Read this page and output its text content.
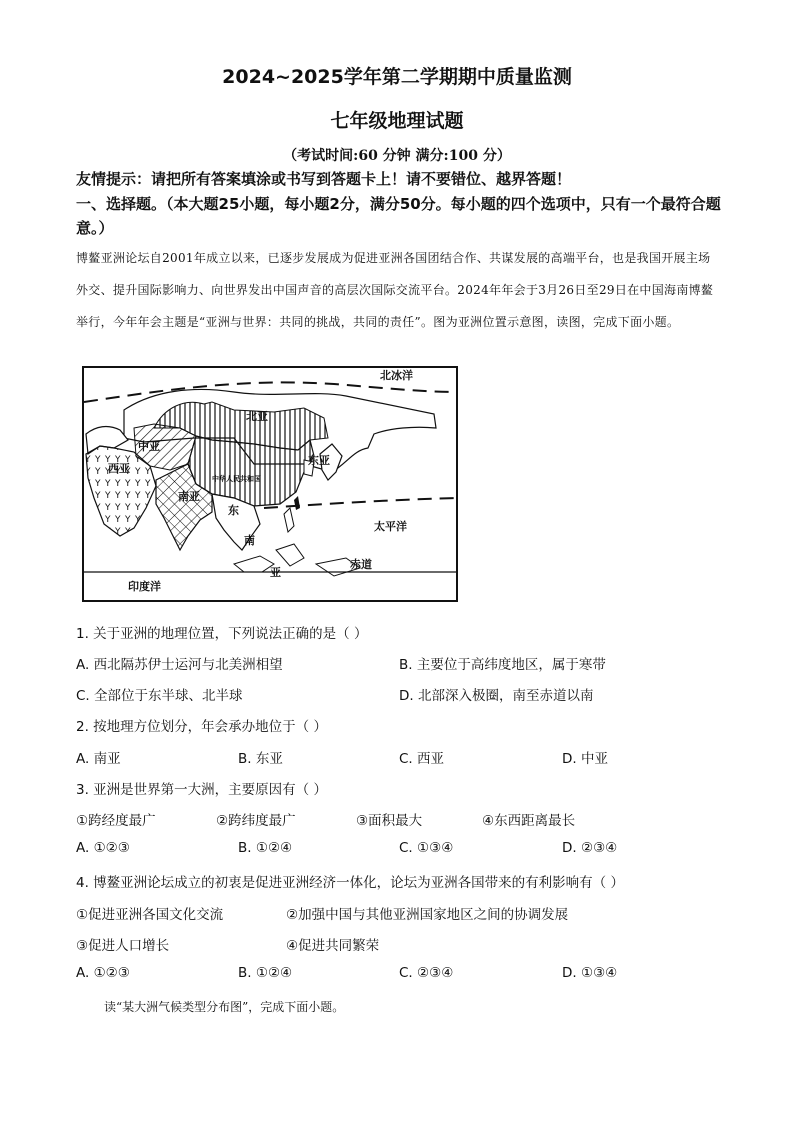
2024~2025学年第二学期期中质量监测
七年级地理试题
（考试时间:60 分钟 满分:100 分）
友情提示：请把所有答案填涂或书写到答题卡上！请不要错位、越界答题！
一、选择题。（本大题25小题，每小题2分，满分50分。每小题的四个选项中，只有一个最符合题意。）
博鳌亚洲论坛自2001年成立以来，已逐步发展成为促进亚洲各国团结合作、共谋发展的高端平台，也是我国开展主场外交、提升国际影响力、向世界发出中国声音的高层次国际交流平台。2024年年会于3月26日至29日在中国海南博鳌举行，今年年会主题是“亚洲与世界：共同的挑战，共同的责任”。图为亚洲位置示意图，读图，完成下面小题。
北冰洋
北亚
中亚
西亚
东亚
中华人民共和国
南亚
东
南
亚
太平洋
赤道
印度洋
1. 关于亚洲的地理位置，下列说法正确的是（ ）
A. 西北隔苏伊士运河与北美洲相望	B. 主要位于高纬度地区，属于寒带
C. 全部位于东半球、北半球	D. 北部深入极圈，南至赤道以南
2. 按地理方位划分，年会承办地位于（ ）
A. 南亚	B. 东亚	C. 西亚	D. 中亚
3. 亚洲是世界第一大洲，主要原因有（ ）
①跨经度最广	②跨纬度最广	③面积最大	④东西距离最长
A. ①②③	B. ①②④	C. ①③④	D. ②③④
4. 博鳌亚洲论坛成立的初衷是促进亚洲经济一体化，论坛为亚洲各国带来的有利影响有（ ）
①促进亚洲各国文化交流	②加强中国与其他亚洲国家地区之间的协调发展
③促进人口增长	④促进共同繁荣
A. ①②③	B. ①②④	C. ②③④	D. ①③④
读“某大洲气候类型分布图”，完成下面小题。
